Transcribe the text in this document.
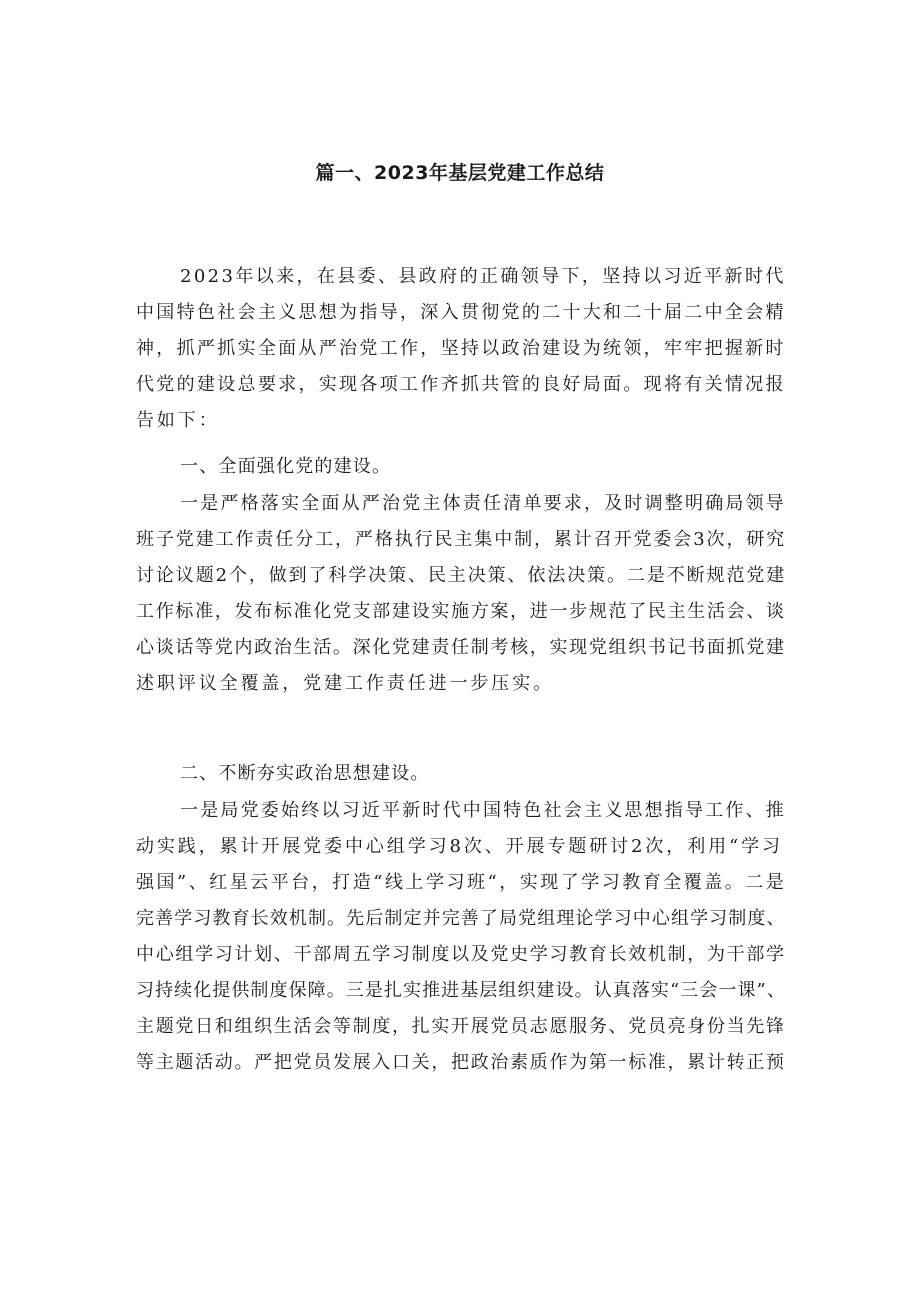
篇一、2023年基层党建工作总结
2023年以来，在县委、县政府的正确领导下，坚持以习近平新时代
中国特色社会主义思想为指导，深入贯彻党的二十大和二十届二中全会精
神，抓严抓实全面从严治党工作，坚持以政治建设为统领，牢牢把握新时
代党的建设总要求，实现各项工作齐抓共管的良好局面。现将有关情况报
告如下：
一、全面强化党的建设。
一是严格落实全面从严治党主体责任清单要求，及时调整明确局领导
班子党建工作责任分工，严格执行民主集中制，累计召开党委会3次，研究
讨论议题2个，做到了科学决策、民主决策、依法决策。二是不断规范党建
工作标准，发布标准化党支部建设实施方案，进一步规范了民主生活会、谈
心谈话等党内政治生活。深化党建责任制考核，实现党组织书记书面抓党建
述职评议全覆盖，党建工作责任进一步压实。
二、不断夯实政治思想建设。
一是局党委始终以习近平新时代中国特色社会主义思想指导工作、推
动实践，累计开展党委中心组学习8次、开展专题研讨2次，利用“学习
强国”、红星云平台，打造“线上学习班“，实现了学习教育全覆盖。二是
完善学习教育长效机制。先后制定并完善了局党组理论学习中心组学习制度、
中心组学习计划、干部周五学习制度以及党史学习教育长效机制，为干部学
习持续化提供制度保障。三是扎实推进基层组织建设。认真落实“三会一课”、
主题党日和组织生活会等制度，扎实开展党员志愿服务、党员亮身份当先锋
等主题活动。严把党员发展入口关，把政治素质作为第一标准，累计转正预
